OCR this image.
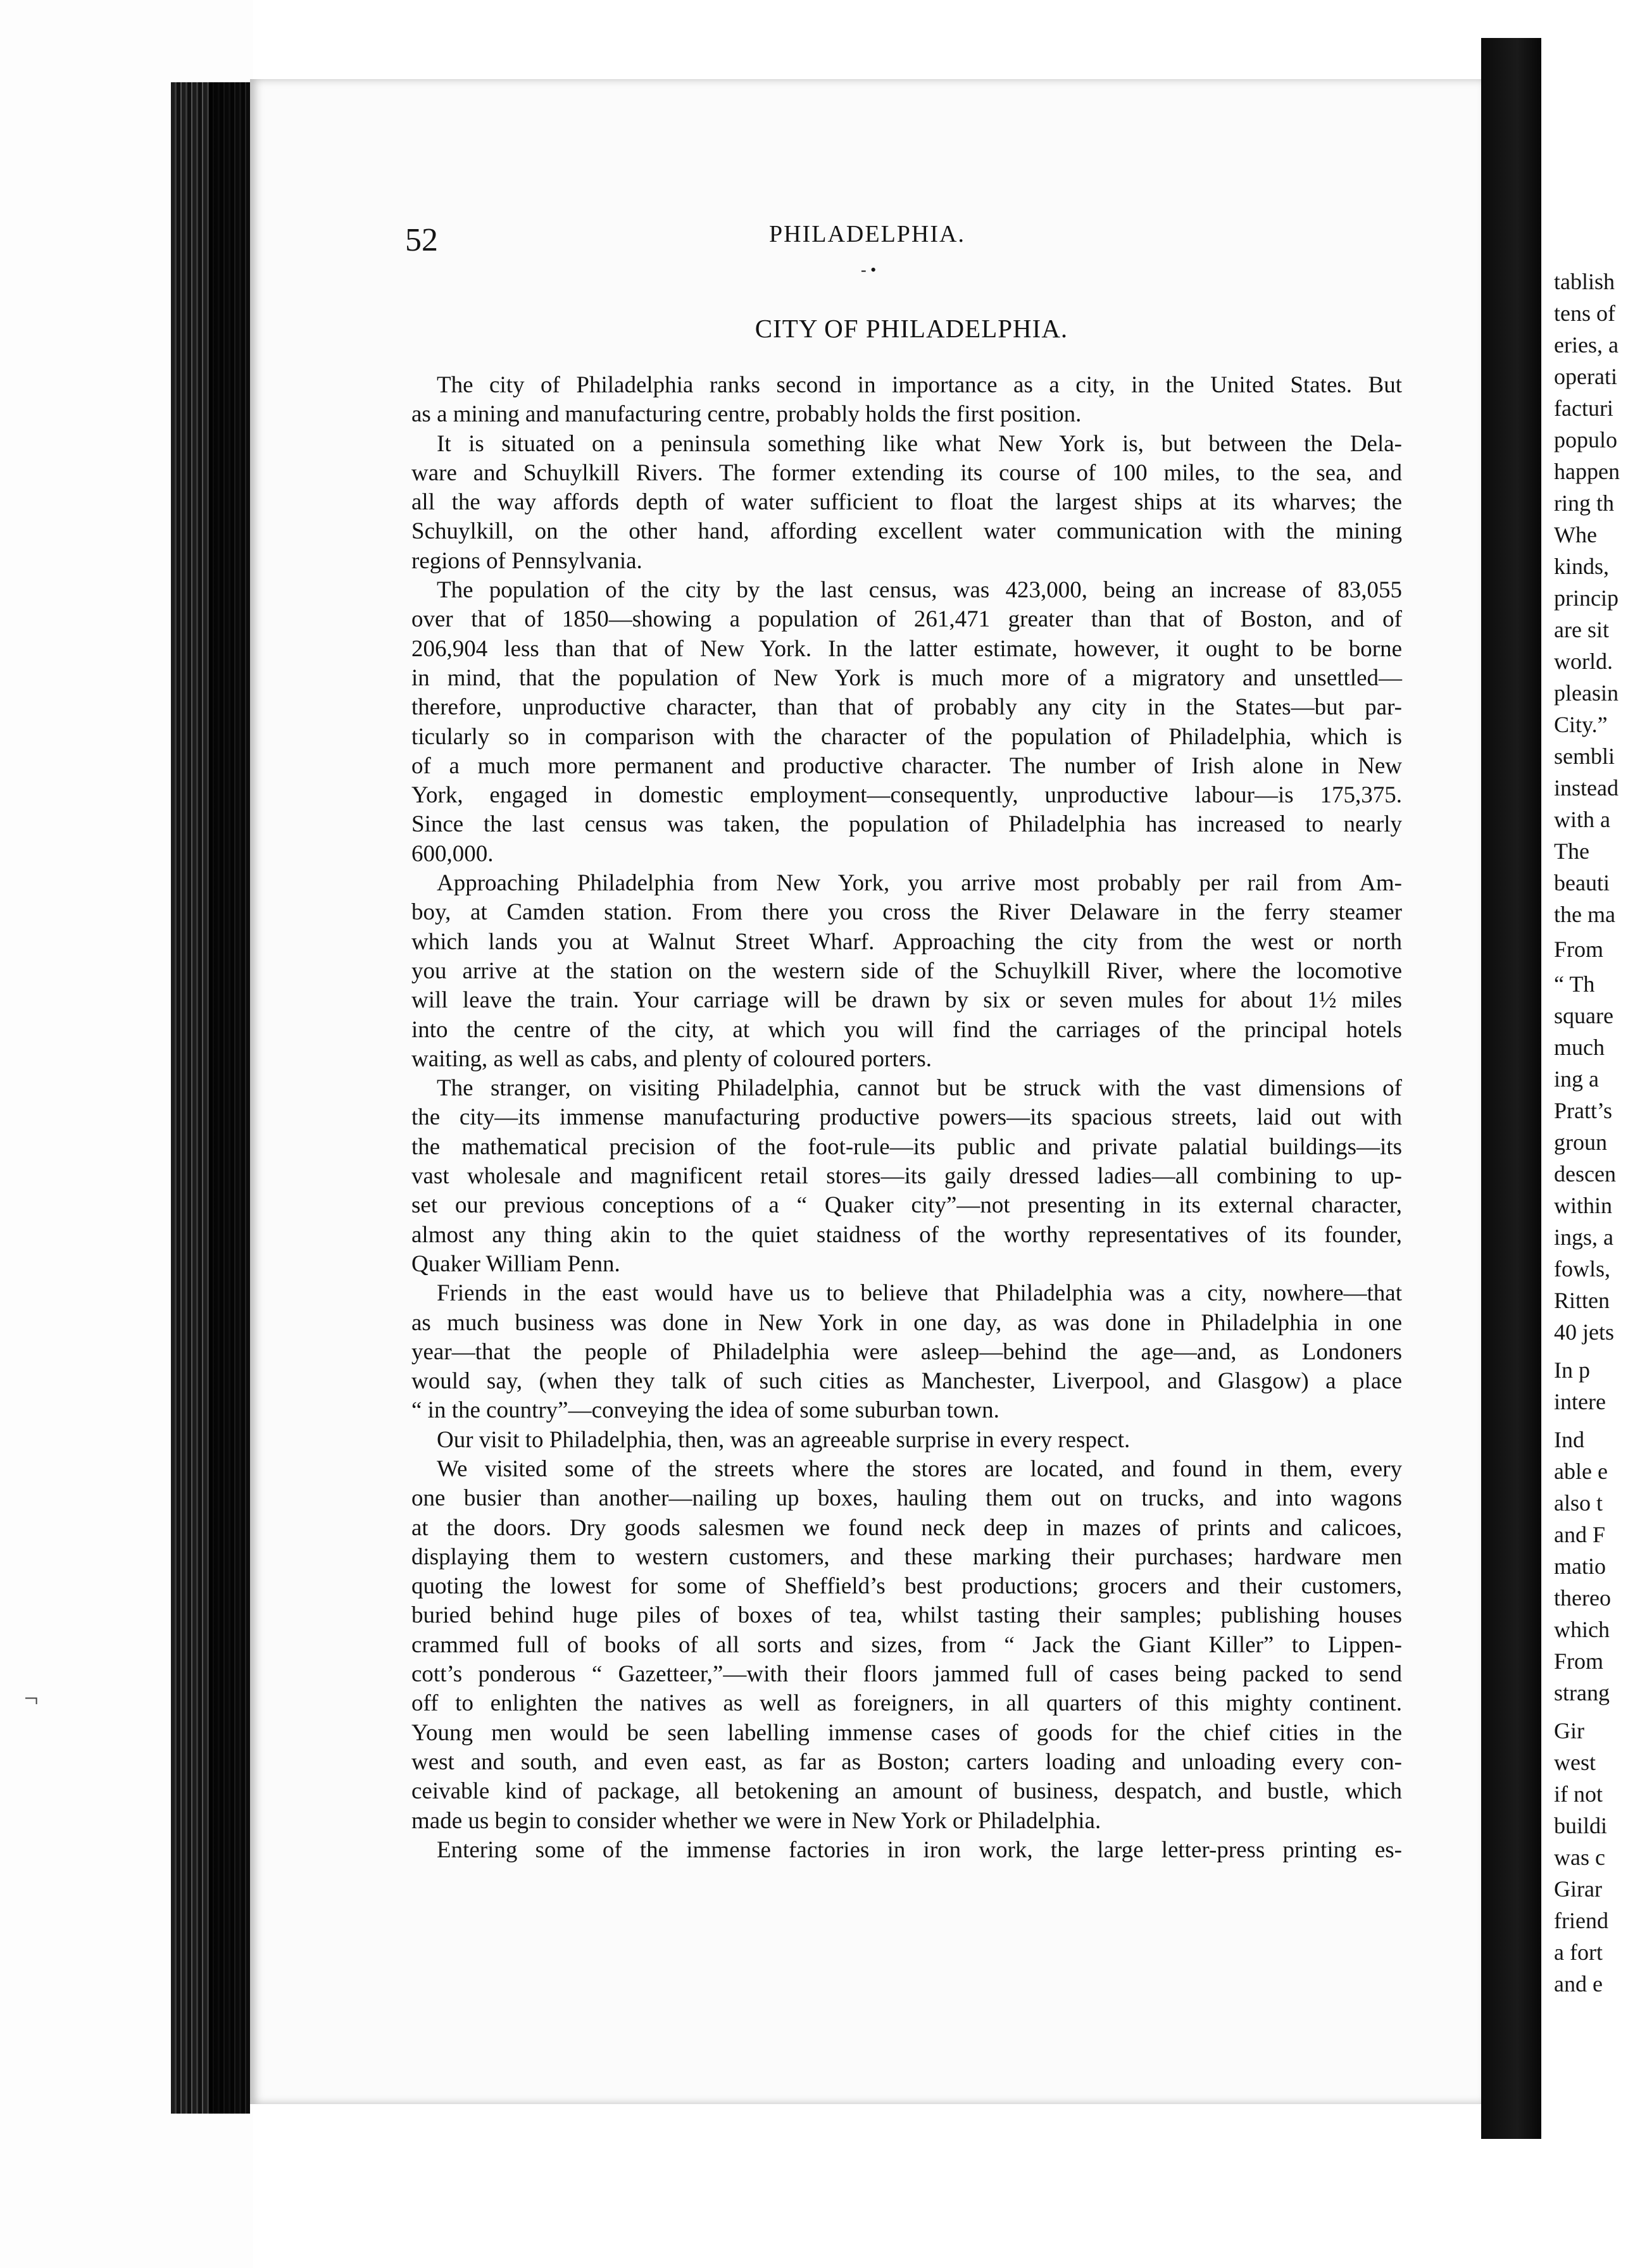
¬
tablish
tens of
eries, a
operati
facturi
populo
happen
ring th
Whe
kinds,
princip
are sit
world.
pleasin
City.”
sembli
instead
with a
The
beauti
the ma
From
“ Th
square
much
ing a
Pratt’s
groun
descen
within
ings, a
fowls,
Ritten
40 jets
In p
intere
Ind
able e
also t
and F
matio
thereo
which
From
strang
Gir
west
if not
buildi
was c
Girar
friend
a fort
and e
52	PHILADELPHIA.
- •
CITY OF PHILADELPHIA.
The city of Philadelphia ranks second in importance as a city, in the United States. But
as a mining and manufacturing centre, probably holds the first position.
It is situated on a peninsula something like what New York is, but between the Dela-
ware and Schuylkill Rivers. The former extending its course of 100 miles, to the sea, and
all the way affords depth of water sufficient to float the largest ships at its wharves; the
Schuylkill, on the other hand, affording excellent water communication with the mining
regions of Pennsylvania.
The population of the city by the last census, was 423,000, being an increase of 83,055
over that of 1850—showing a population of 261,471 greater than that of Boston, and of
206,904 less than that of New York. In the latter estimate, however, it ought to be borne
in mind, that the population of New York is much more of a migratory and unsettled—
therefore, unproductive character, than that of probably any city in the States—but par-
ticularly so in comparison with the character of the population of Philadelphia, which is
of a much more permanent and productive character. The number of Irish alone in New
York, engaged in domestic employment—consequently, unproductive labour—is 175,375.
Since the last census was taken, the population of Philadelphia has increased to nearly
600,000.
Approaching Philadelphia from New York, you arrive most probably per rail from Am-
boy, at Camden station. From there you cross the River Delaware in the ferry steamer
which lands you at Walnut Street Wharf. Approaching the city from the west or north
you arrive at the station on the western side of the Schuylkill River, where the locomotive
will leave the train. Your carriage will be drawn by six or seven mules for about 1½ miles
into the centre of the city, at which you will find the carriages of the principal hotels
waiting, as well as cabs, and plenty of coloured porters.
The stranger, on visiting Philadelphia, cannot but be struck with the vast dimensions of
the city—its immense manufacturing productive powers—its spacious streets, laid out with
the mathematical precision of the foot-rule—its public and private palatial buildings—its
vast wholesale and magnificent retail stores—its gaily dressed ladies—all combining to up-
set our previous conceptions of a “ Quaker city”—not presenting in its external character,
almost any thing akin to the quiet staidness of the worthy representatives of its founder,
Quaker William Penn.
Friends in the east would have us to believe that Philadelphia was a city, nowhere—that
as much business was done in New York in one day, as was done in Philadelphia in one
year—that the people of Philadelphia were asleep—behind the age—and, as Londoners
would say, (when they talk of such cities as Manchester, Liverpool, and Glasgow) a place
“ in the country”—conveying the idea of some suburban town.
Our visit to Philadelphia, then, was an agreeable surprise in every respect.
We visited some of the streets where the stores are located, and found in them, every
one busier than another—nailing up boxes, hauling them out on trucks, and into wagons
at the doors. Dry goods salesmen we found neck deep in mazes of prints and calicoes,
displaying them to western customers, and these marking their purchases; hardware men
quoting the lowest for some of Sheffield’s best productions; grocers and their customers,
buried behind huge piles of boxes of tea, whilst tasting their samples; publishing houses
crammed full of books of all sorts and sizes, from “ Jack the Giant Killer” to Lippen-
cott’s ponderous “ Gazetteer,”—with their floors jammed full of cases being packed to send
off to enlighten the natives as well as foreigners, in all quarters of this mighty continent.
Young men would be seen labelling immense cases of goods for the chief cities in the
west and south, and even east, as far as Boston; carters loading and unloading every con-
ceivable kind of package, all betokening an amount of business, despatch, and bustle, which
made us begin to consider whether we were in New York or Philadelphia.
Entering some of the immense factories in iron work, the large letter-press printing es-
